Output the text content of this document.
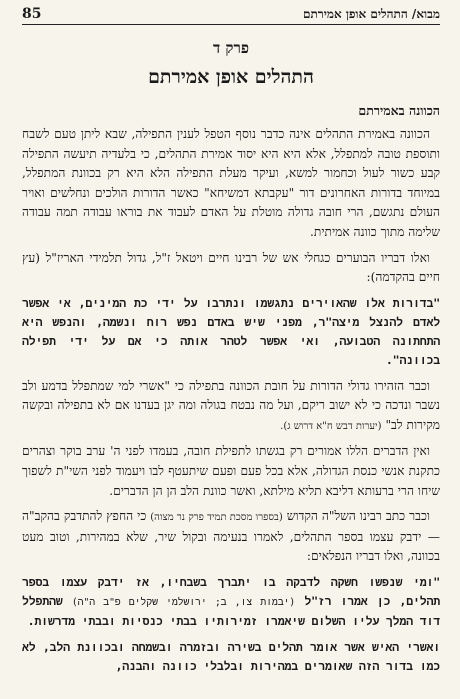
מבוא/ התהלים אופן אמירתם
85
פרק ד
התהלים אופן אמירתם
הכוונה באמירתם

הכוונה באמירת התהלים אינה כדבר נוסף הטפל לענין התפילה, שבא ליתן טעם לשבח ותוספת טובה למתפלל, אלא היא היא יסוד אמירת התהלים, כי בלעדיה תיעשה התפילה קבע כשור לעול וכחמור למשא, ועיקר מעלת התפילה הלא היא רק בכוונת המתפלל, במיוחד בדורות האחרונים דור "עקבתא דמשיחא" כאשר הדורות הולכים ונחלשים ואויר העולם נתגשם, הרי חובה גדולה מוטלת על האדם לעבוד את בוראו עבודה תמה עבודה שלימה מתוך כוונה אמיתית.

ואלו דבריו הבוערים כגחלי אש של רבינו חיים ויטאל ז"ל, גדול תלמידי האריז"ל (עץ חיים בהקדמה):

"בדורות אלו שהאוירים נתגשמו ונתרבו על ידי כת המינים, אי אפשר לאדם להנצל מיצה"ר, מפני שיש באדם נפש רוח ונשמה, והנפש היא התחתונה הטבועה, ואי אפשר לטהר אותה כי אם על ידי תפילה בכוונה".

וכבר הזהירו גדולי הדורות על חובת הכוונה בתפילה כי "אשרי למי שמתפלל בדמע ולב נשבר ונדכה כי לא ישוב ריקם, ועל מה נבטח בגולה ומה יגן בעדנו אם לא בתפילה ובקשה מקירות לב" (יערות דבש ח"א דרוש ג).

ואין הדברים הללו אמורים רק בגשתו לתפילת חובה, בעמדו לפני ה' ערב בוקר וצהרים כתקנת אנשי כנסת הגדולה, אלא בכל פעם ופעם שיתעטף לבו ויעמוד לפני השי"ת לשפוך שיחו הרי ברעותא דליבא תליא מילתא, ואשר כוונת הלב הן הן הדברים.

וכבר כתב רבינו השל"ה הקדוש (בספרו מסכת תמיד פרק נר מצוה) כי החפץ להתדבק בהקב"ה — ידבק עצמו בספר התהלים, לאמרו בנעימה ובקול שיר, שלא במהירות, וטוב מעט בכוונה, ואלו דבריו הנפלאים:

"ומי שנפשו חשקה לדבקה בו יתברך בשבחיו, אז ידבק עצמו בספר תהלים, כן אמרו רז"ל (יבמות צו, ב; ירושלמי שקלים פ"ב ה"ה) שהתפלל דוד המלך עליו השלום שיאמרו זמירותיו בבתי כנסיות ובבתי מדרשות.
ואשרי האיש אשר אומר תהלים בשירה ובזמרה ובשמחה ובכוונת הלב, לא כמו בדור הזה שאומרים במהירות ובלבלי כוונה והבנה,
